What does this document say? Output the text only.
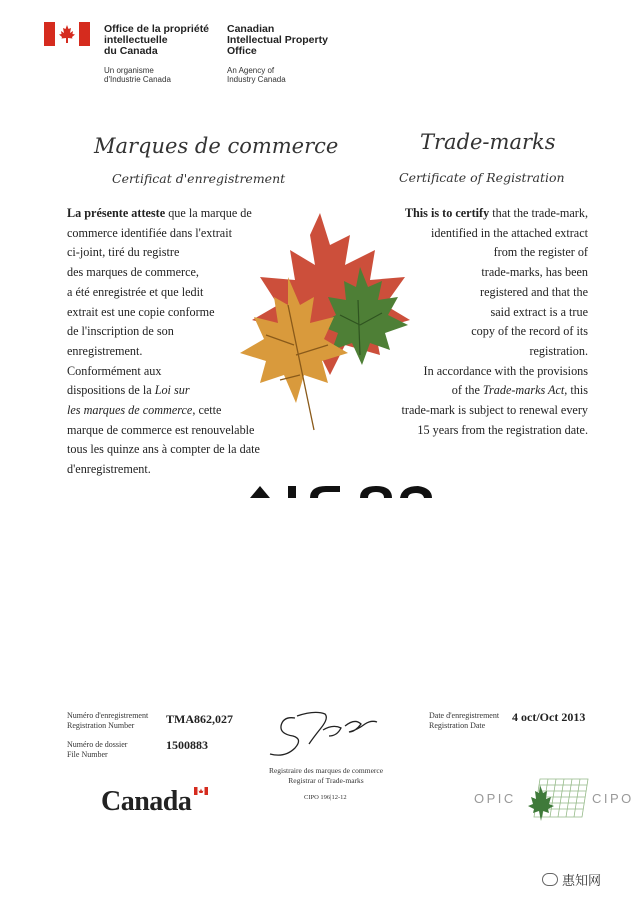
Office de la propriété
intellectuelle
du Canada
Un organisme
d'Industrie Canada
Canadian
Intellectual Property
Office
An Agency of
Industry Canada
Marques de commerce
Certificat d'enregistrement
Trade-marks
Certificate of Registration
La présente atteste que la marque de
commerce identifiée dans l'extrait
ci-joint, tiré du registre
des marques de commerce,
a été enregistrée et que ledit
extrait est une copie conforme
de l'inscription de son
enregistrement.
Conformément aux
dispositions de la Loi sur
les marques de commerce, cette
marque de commerce est renouvelable
tous les quinze ans à compter de la date
d'enregistrement.
This is to certify that the trade-mark,
identified in the attached extract
from the register of
trade-marks, has been
registered and that the
said extract is a true
copy of the record of its
registration.
In accordance with the provisions
of the Trade-marks Act, this
trade-mark is subject to renewal every
15 years from the registration date.
Numéro d'enregistrement
Registration Number	TMA862,027
Numéro de dossier
File Number
1500883
Date d'enregistrement
Registration Date
4 oct/Oct 2013
Registraire des marques de commerce
Registrar of Trade-marks
CIPO 196|12-12
Canada	OPIC	CIPO
惠知网
